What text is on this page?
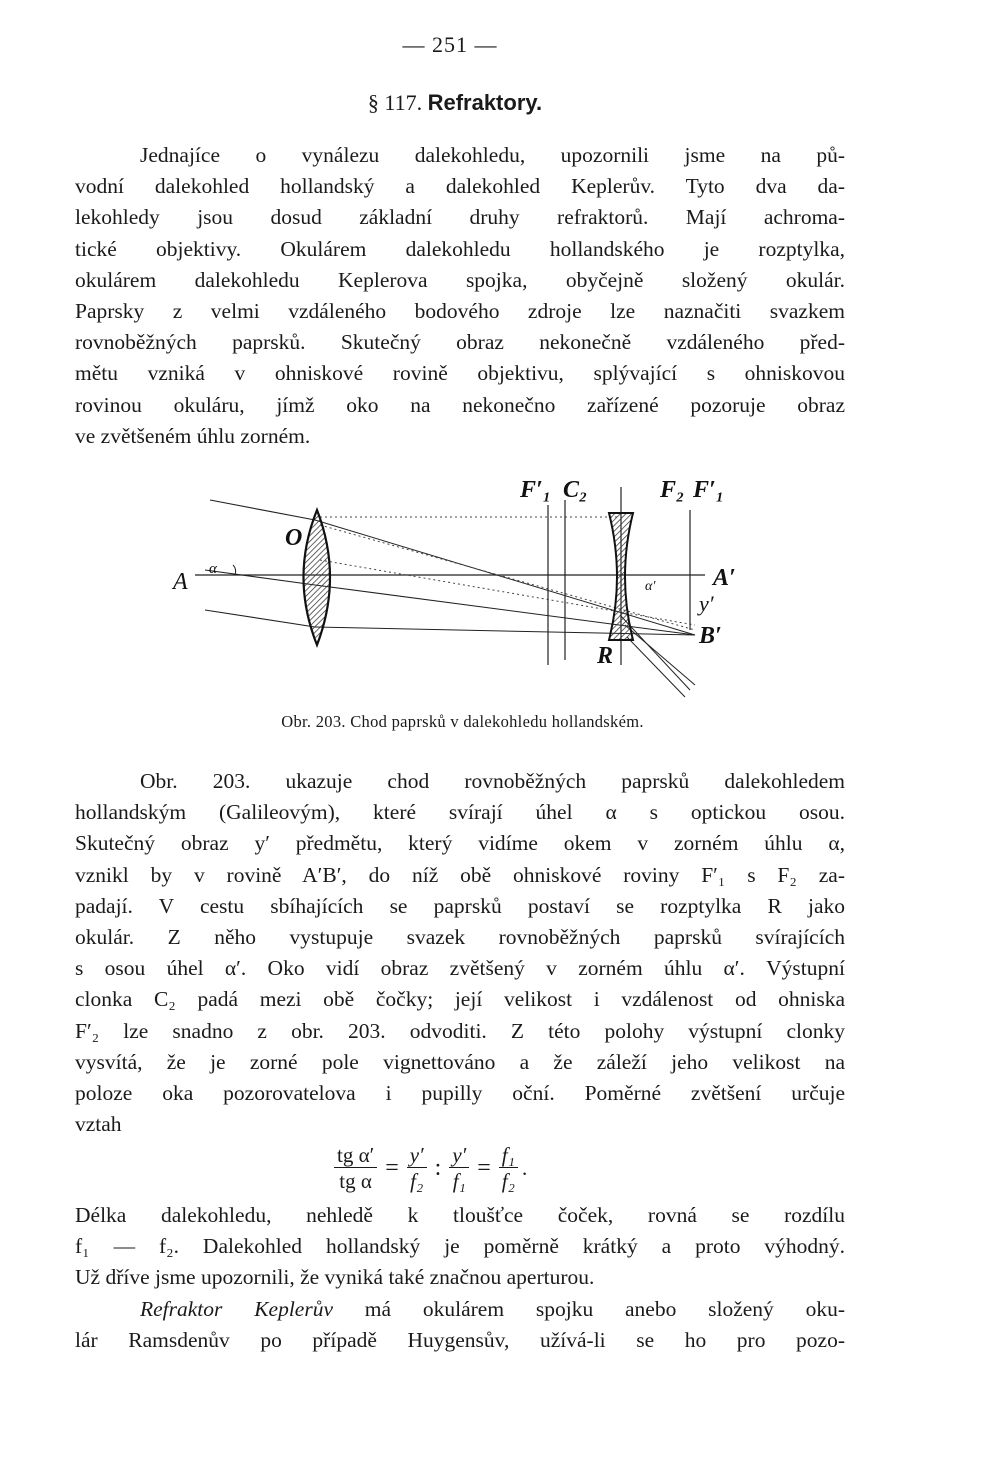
— 251 —
§ 117. Refraktory.
Jednajíce o vynálezu dalekohledu, upozornili jsme na pů-
vodní dalekohled hollandský a dalekohled Keplerův. Tyto dva da-
lekohledy jsou dosud základní druhy refraktorů. Mají achroma-
tické objektivy. Okulárem dalekohledu hollandského je rozptylka,
okulárem dalekohledu Keplerova spojka, obyčejně složený okulár.
Paprsky z velmi vzdáleného bodového zdroje lze naznačiti svazkem
rovnoběžných paprsků. Skutečný obraz nekonečně vzdáleného před-
mětu vzniká v ohniskové rovině objektivu, splývající s ohniskovou
rovinou okuláru, jímž oko na nekonečno zařízené pozoruje obraz
ve zvětšeném úhlu zorném.
F′₁ C₂	F₂ F′₁
O
A α
α′ A′
y′
B′
R
Obr. 203. Chod paprsků v dalekohledu hollandském.
Obr. 203. ukazuje chod rovnoběžných paprsků dalekohledem
hollandským (Galileovým), které svírají úhel α s optickou osou.
Skutečný obraz y′ předmětu, který vidíme okem v zorném úhlu α,
vznikl by v rovině A′B′, do níž obě ohniskové roviny F′₁ s F₂ za-
padají. V cestu sbíhajících se paprsků postaví se rozptylka R jako
okulár. Z něho vystupuje svazek rovnoběžných paprsků svírajících
s osou úhel α′. Oko vidí obraz zvětšený v zorném úhlu α′. Výstupní
clonka C₂ padá mezi obě čočky; její velikost i vzdálenost od ohniska
F′₂ lze snadno z obr. 203. odvoditi. Z této polohy výstupní clonky
vysvítá, že je zorné pole vignettováno a že záleží jeho velikost na
poloze oka pozorovatelova i pupilly oční. Poměrné zvětšení určuje
vztah
$\frac{\text{tg α′}}{\text{tg α}} = \frac{y'}{\text{f₂}}$ : $\frac{y'}{\text{f₁}} = \frac{\text{f₁}}{\text{f₂}}$ .
Délka dalekohledu, nehledě k tloušťce čoček, rovná se rozdílu
f₁ — f₂. Dalekohled hollandský je poměrně krátký a proto výhodný.
Už dříve jsme upozornili, že vyniká také značnou aperturou.
Refraktor Keplerův má okulárem spojku anebo složený oku-
lár Ramsdenův po případě Huygensův, užívá-li se ho pro pozo-
